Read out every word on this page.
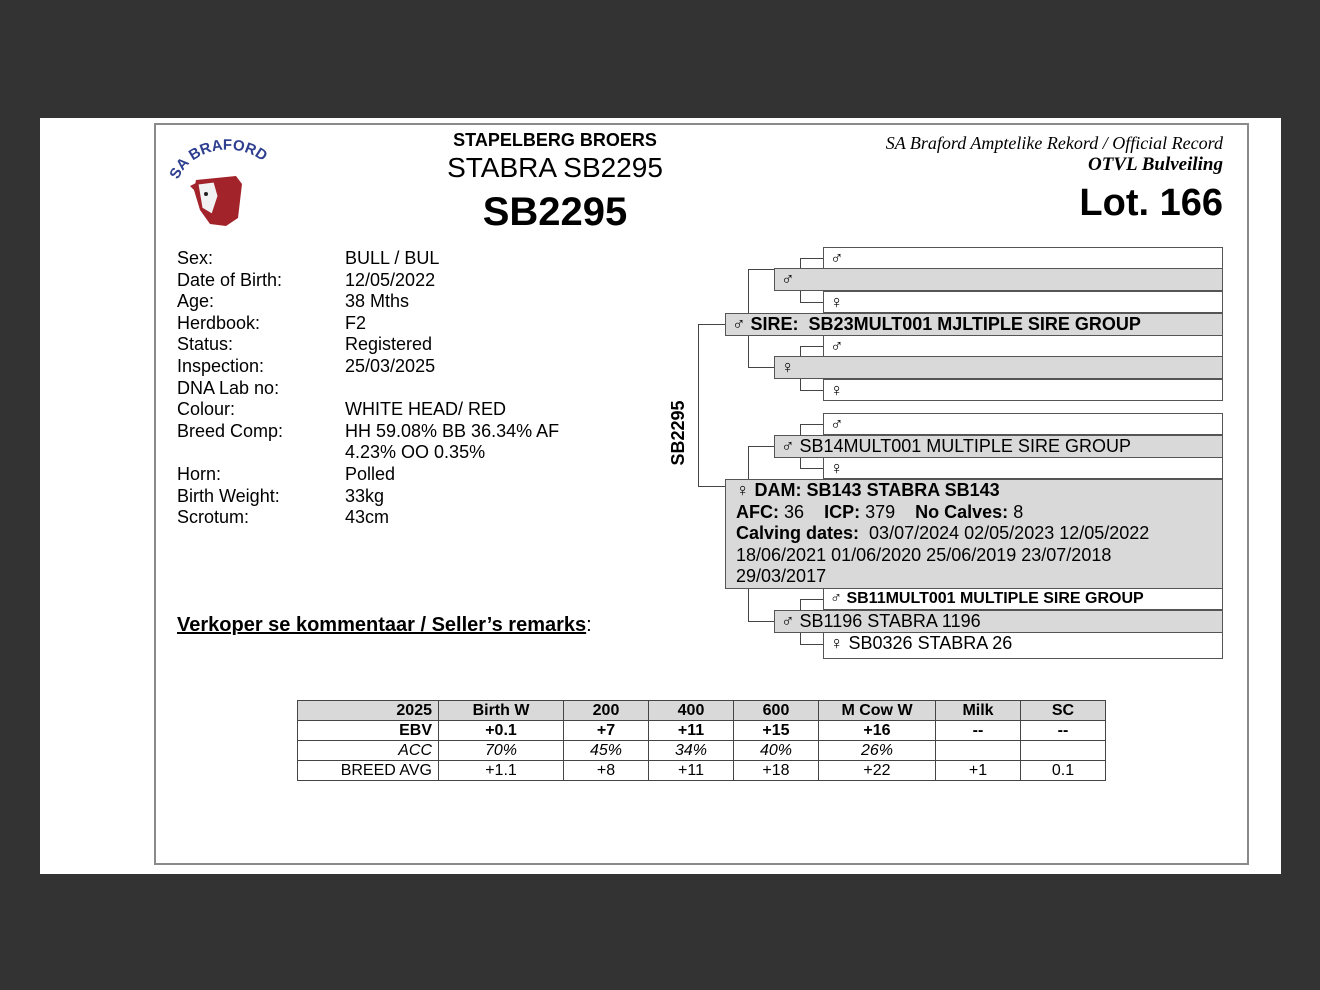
SA BRAFORD
STAPELBERG BROERS
STABRA SB2295
SB2295
SA Braford Amptelike Rekord / Official Record
OTVL Bulveiling
Lot. 166
Sex:	BULL / BUL
Date of Birth:	12/05/2022
Age:	38 Mths
Herdbook:	F2
Status:	Registered
Inspection:	25/03/2025
DNA Lab no:
Colour:	WHITE HEAD/ RED
Breed Comp:	HH 59.08% BB 36.34% AF 4.23% OO 0.35%
Horn:	Polled
Birth Weight:	33kg
Scrotum:	43cm
Verkoper se kommentaar / Seller’s remarks:
♂
♂
♀
♂ SIRE: SB23MULT001 MJLTIPLE SIRE GROUP
♂
♀
♀
♂
♂ SB14MULT001 MULTIPLE SIRE GROUP
♀
♀ DAM: SB143 STABRA SB143
AFC: 36 ICP: 379 No Calves: 8
Calving dates: 03/07/2024 02/05/2023 12/05/2022
18/06/2021 01/06/2020 25/06/2019 23/07/2018
29/03/2017
♂ SB11MULT001 MULTIPLE SIRE GROUP
♂ SB1196 STABRA 1196
♀ SB0326 STABRA 26
SB2295
2025	Birth W	200	400	600	M Cow W	Milk	SC
EBV	+0.1	+7	+11	+15	+16	--	--
ACC	70%	45%	34%	40%	26%		
BREED AVG	+1.1	+8	+11	+18	+22	+1	0.1
